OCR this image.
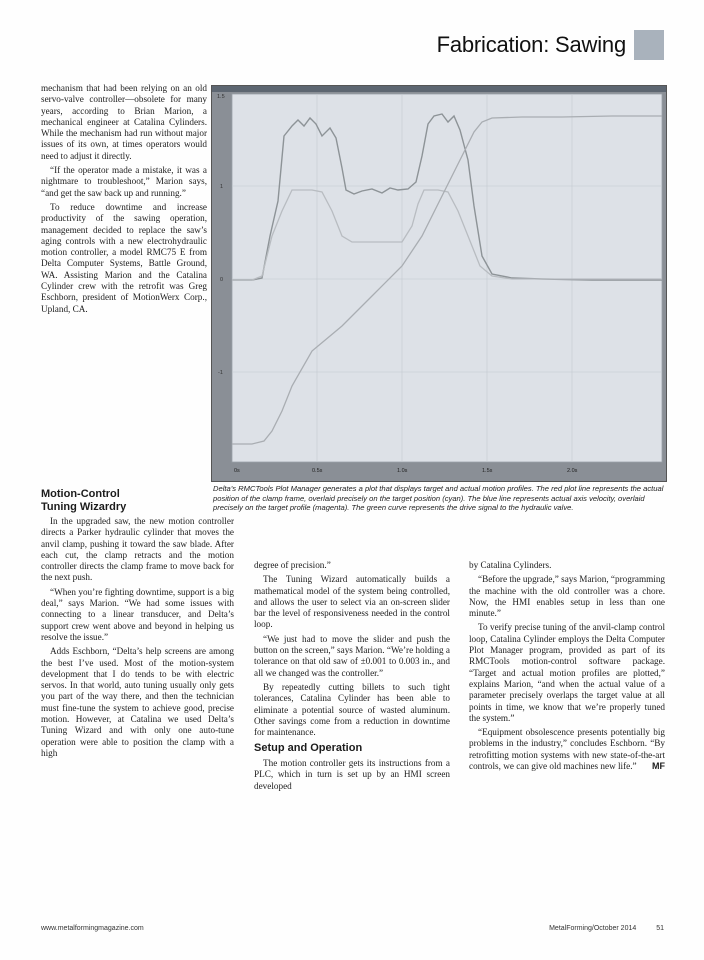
Fabrication: Sawing

mechanism that had been relying on an old servo-valve controller—obsolete for many years, according to Brian Marion, a mechanical engineer at Catalina Cylinders. While the mechanism had run without major issues of its own, at times operators would need to adjust it directly.

“If the operator made a mistake, it was a nightmare to troubleshoot,” Marion says, “and get the saw back up and running.”

To reduce downtime and increase productivity of the sawing operation, management decided to replace the saw’s aging controls with a new electrohydraulic motion controller, a model RMC75 E from Delta Computer Systems, Battle Ground, WA. Assisting Marion and the Catalina Cylinder crew with the retrofit was Greg Eschborn, president of MotionWerx Corp., Upland, CA.

1.5
1
0
-1
0s	0.5s	1.0s	1.5s	2.0s
Delta’s RMCTools Plot Manager generates a plot that displays target and actual motion profiles. The red plot line represents the actual position of the clamp frame, overlaid precisely on the target position (cyan). The blue line represents actual axis velocity, overlaid precisely on the target profile (magenta). The green curve represents the drive signal to the hydraulic valve.
Motion-Control
Tuning Wizardry

In the upgraded saw, the new motion controller directs a Parker hydraulic cylinder that moves the anvil clamp, pushing it toward the saw blade. After each cut, the clamp retracts and the motion controller directs the clamp frame to move back for the next push.

“When you’re fighting downtime, support is a big deal,” says Marion. “We had some issues with connecting to a linear transducer, and Delta’s support crew went above and beyond in helping us resolve the issue.”

Adds Eschborn, “Delta’s help screens are among the best I’ve used. Most of the motion-system development that I do tends to be with electric servos. In that world, auto tuning usually only gets you part of the way there, and then the technician must fine-tune the system to achieve good, precise motion. However, at Catalina we used Delta’s Tuning Wizard and with only one auto-tune operation were able to position the clamp with a high

degree of precision.”

The Tuning Wizard automatically builds a mathematical model of the system being controlled, and allows the user to select via an on-screen slider bar the level of responsiveness needed in the control loop.

“We just had to move the slider and push the button on the screen,” says Marion. “We’re holding a tolerance on that old saw of ±0.001 to 0.003 in., and all we changed was the controller.”

By repeatedly cutting billets to such tight tolerances, Catalina Cylinder has been able to eliminate a potential source of wasted aluminum. Other savings come from a reduction in downtime for maintenance.

Setup and Operation

The motion controller gets its instructions from a PLC, which in turn is set up by an HMI screen developed

by Catalina Cylinders.

“Before the upgrade,” says Marion, “programming the machine with the old controller was a chore. Now, the HMI enables setup in less than one minute.”

To verify precise tuning of the anvil-clamp control loop, Catalina Cylinder employs the Delta Computer Plot Manager program, provided as part of its RMCTools motion-control software package. “Target and actual motion profiles are plotted,” explains Marion, “and when the actual value of a parameter precisely overlaps the target value at all points in time, we know that we’re properly tuned the system.”

“Equipment obsolescence presents potentially big problems in the industry,” concludes Eschborn. “By retrofitting motion systems with new state-of-the-art controls, we can give old machines new life.”	MF

www.metalformingmagazine.com	MetalForming/October 2014	51
